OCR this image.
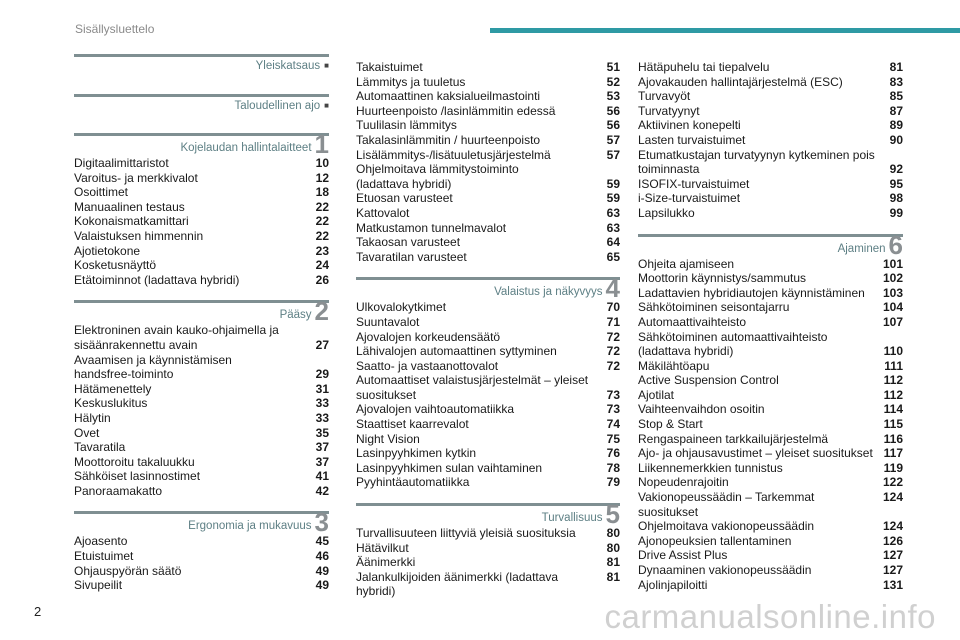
Sisällysluettelo
Yleiskatsaus ■
Taloudellinen ajo ■
Kojelaudan hallintalaitteet 1
Digitaalimittaristot	10
Varoitus- ja merkkivalot	12
Osoittimet	18
Manuaalinen testaus	22
Kokonaismatkamittari	22
Valaistuksen himmennin	22
Ajotietokone	23
Kosketusnäyttö	24
Etätoiminnot (ladattava hybridi)	26
Pääsy 2
Elektroninen avain kauko-ohjaimella ja
sisäänrakennettu avain	27
Avaamisen ja käynnistämisen
handsfree-toiminto	29
Hätämenettely	31
Keskuslukitus	33
Hälytin	33
Ovet	35
Tavaratila	37
Moottoroitu takaluukku	37
Sähköiset lasinnostimet	41
Panoraamakatto	42
Ergonomia ja mukavuus 3
Ajoasento	45
Etuistuimet	46
Ohjauspyörän säätö	49
Sivupeilit	49
Takaistuimet	51
Lämmitys ja tuuletus	52
Automaattinen kaksialueilmastointi	53
Huurteenpoisto /lasinlämmitin edessä	56
Tuulilasin lämmitys	56
Takalasinlämmitin / huurteenpoisto	57
Lisälämmitys-/lisätuuletusjärjestelmä	57
Ohjelmoitava lämmitystoiminto
(ladattava hybridi)	59
Etuosan varusteet	59
Kattovalot	63
Matkustamon tunnelmavalot	63
Takaosan varusteet	64
Tavaratilan varusteet	65
Valaistus ja näkyvyys 4
Ulkovalokytkimet	70
Suuntavalot	71
Ajovalojen korkeudensäätö	72
Lähivalojen automaattinen syttyminen	72
Saatto- ja vastaanottovalot	72
Automaattiset valaistusjärjestelmät – yleiset
suositukset	73
Ajovalojen vaihtoautomatiikka	73
Staattiset kaarrevalot	74
Night Vision	75
Lasinpyyhkimen kytkin	76
Lasinpyyhkimen sulan vaihtaminen	78
Pyyhintäautomatiikka	79
Turvallisuus 5
Turvallisuuteen liittyviä yleisiä suosituksia	80
Hätävilkut	80
Äänimerkki	81
Jalankulkijoiden äänimerkki (ladattava hybridi)
81
Hätäpuhelu tai tiepalvelu	81
Ajovakauden hallintajärjestelmä (ESC)	83
Turvavyöt	85
Turvatyynyt	87
Aktiivinen konepelti	89
Lasten turvaistuimet	90
Etumatkustajan turvatyynyn kytkeminen pois
toiminnasta	92
ISOFIX-turvaistuimet	95
i-Size-turvaistuimet	98
Lapsilukko	99
Ajaminen 6
Ohjeita ajamiseen	101
Moottorin käynnistys/sammutus	102
Ladattavien hybridiautojen käynnistäminen	103
Sähkötoiminen seisontajarru	104
Automaattivaihteisto	107
Sähkötoiminen automaattivaihteisto
(ladattava hybridi)	110
Mäkilähtöapu	111
Active Suspension Control	112
Ajotilat	112
Vaihteenvaihdon osoitin	114
Stop & Start	115
Rengaspaineen tarkkailujärjestelmä	116
Ajo- ja ohjausavustimet – yleiset suositukset 117
Liikennemerkkien tunnistus	119
Nopeudenrajoitin	122
Vakionopeussäädin – Tarkemmat suositukset
124
Ohjelmoitava vakionopeussäädin	124
Ajonopeuksien tallentaminen	126
Drive Assist Plus	127
Dynaaminen vakionopeussäädin	127
Ajolinjapiloitti	131
2	carmanualsonline.info
